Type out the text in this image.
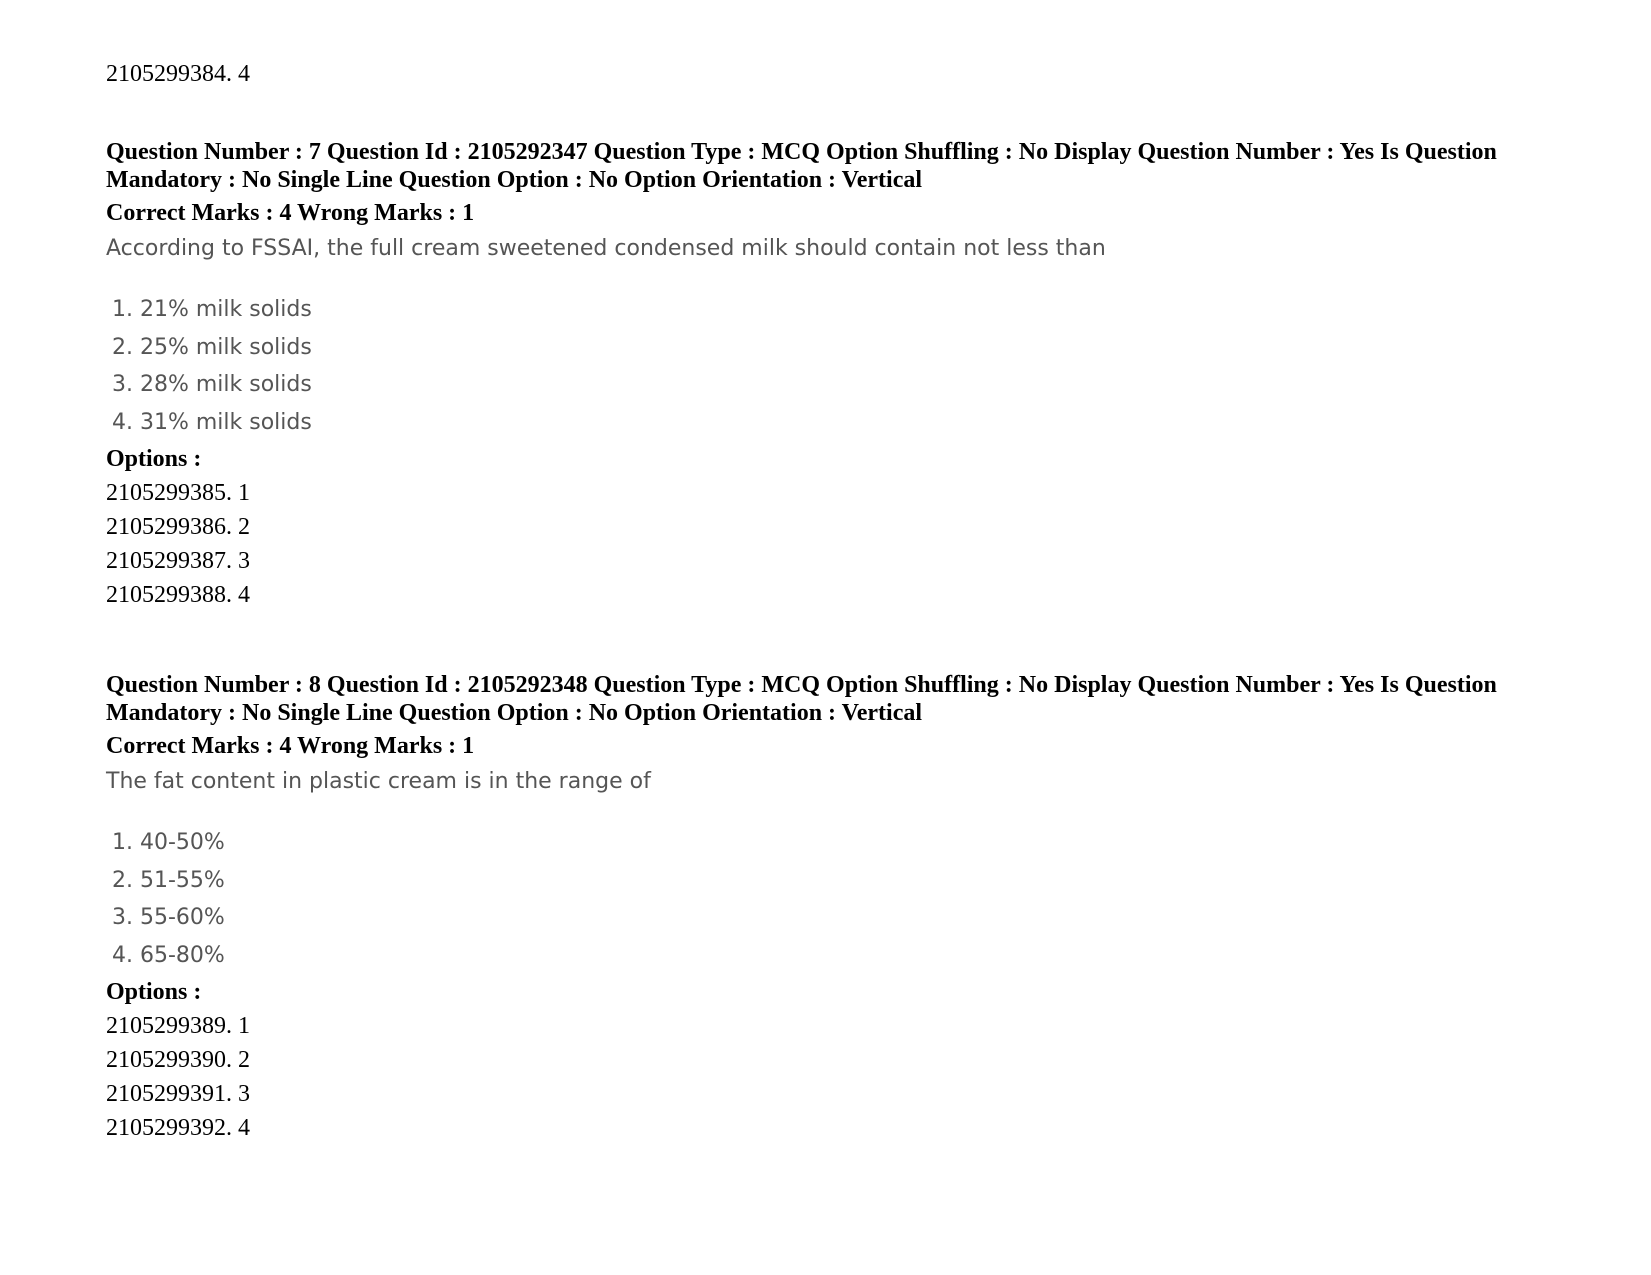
2105299384. 4

Question Number : 7 Question Id : 2105292347 Question Type : MCQ Option Shuffling : No Display Question Number : Yes Is Question
Mandatory : No Single Line Question Option : No Option Orientation : Vertical

Correct Marks : 4 Wrong Marks : 1

According to FSSAI, the full cream sweetened condensed milk should contain not less than

1. 21% milk solids
2. 25% milk solids
3. 28% milk solids
4. 31% milk solids

Options :

2105299385. 1

2105299386. 2

2105299387. 3

2105299388. 4

Question Number : 8 Question Id : 2105292348 Question Type : MCQ Option Shuffling : No Display Question Number : Yes Is Question
Mandatory : No Single Line Question Option : No Option Orientation : Vertical

Correct Marks : 4 Wrong Marks : 1

The fat content in plastic cream is in the range of

1. 40-50%
2. 51-55%
3. 55-60%
4. 65-80%

Options :

2105299389. 1

2105299390. 2

2105299391. 3

2105299392. 4
